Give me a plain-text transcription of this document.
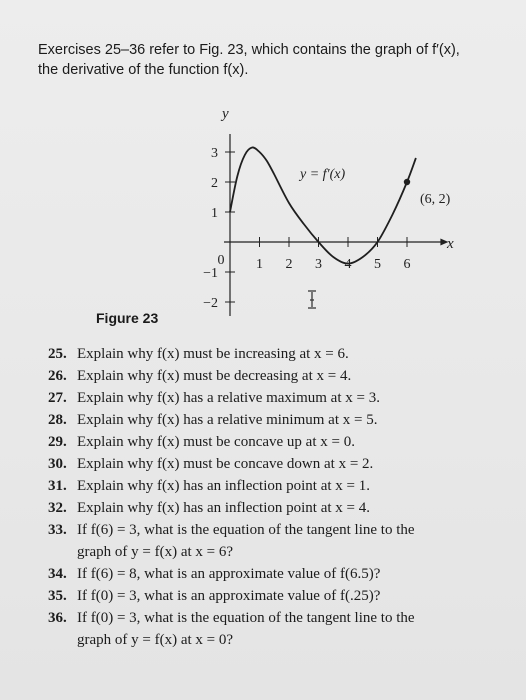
Exercises 25–36 refer to Fig. 23, which contains the graph of f′(x),
the derivative of the function f(x).
1 2 3 4 5 6
0
3
2
1
−1
−2
y
x
y = f′(x)
(6, 2)
Figure 23
25. Explain why f(x) must be increasing at x = 6.
26. Explain why f(x) must be decreasing at x = 4.
27. Explain why f(x) has a relative maximum at x = 3.
28. Explain why f(x) has a relative minimum at x = 5.
29. Explain why f(x) must be concave up at x = 0.
30. Explain why f(x) must be concave down at x = 2.
31. Explain why f(x) has an inflection point at x = 1.
32. Explain why f(x) has an inflection point at x = 4.
33. If f(6) = 3, what is the equation of the tangent line to the
graph of y = f(x) at x = 6?
34. If f(6) = 8, what is an approximate value of f(6.5)?
35. If f(0) = 3, what is an approximate value of f(.25)?
36. If f(0) = 3, what is the equation of the tangent line to the
graph of y = f(x) at x = 0?
